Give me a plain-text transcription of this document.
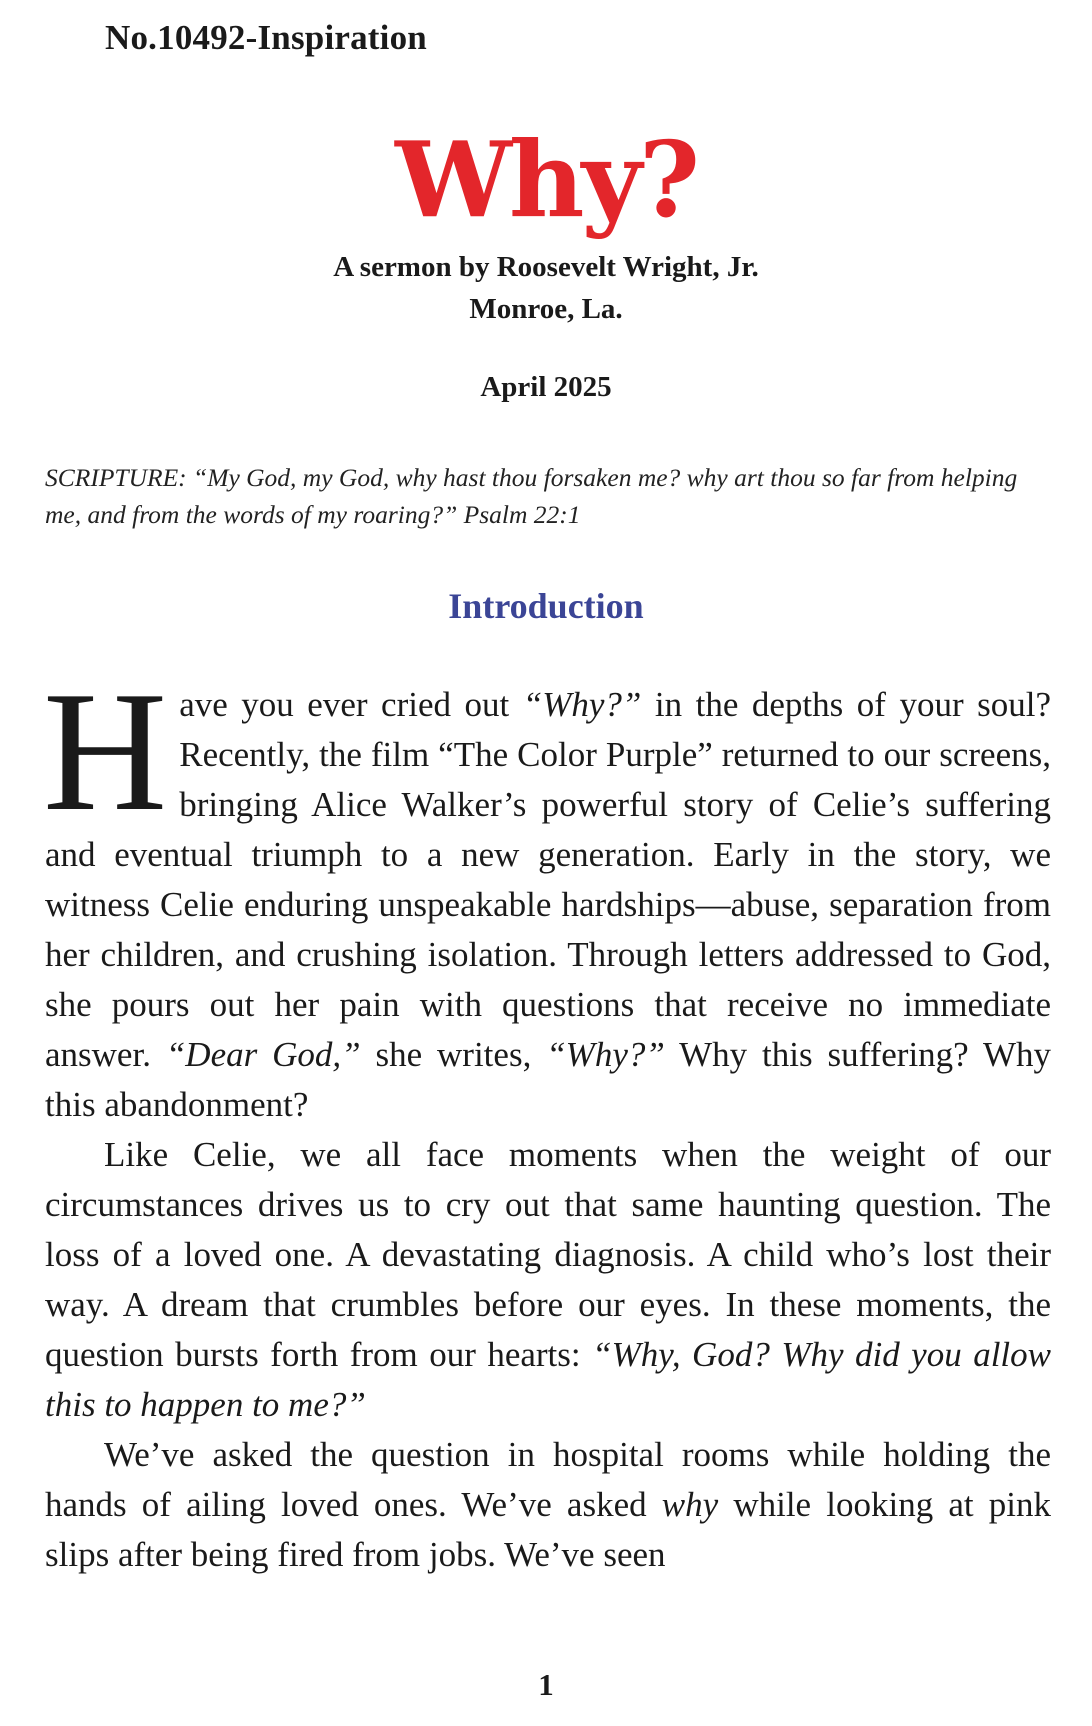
No.10492-Inspiration
Why?
A sermon by Roosevelt Wright, Jr.
Monroe, La.
April 2025
SCRIPTURE: “My God, my God, why hast thou forsaken me? why art thou so far from helping me, and from the words of my roaring?” Psalm 22:1
Introduction

Have you ever cried out “Why?” in the depths of your soul? Recently, the film “The Color Purple” returned to our screens, bringing Alice Walker’s powerful story of Celie’s suffering and eventual triumph to a new generation. Early in the story, we witness Celie enduring unspeakable hardships—abuse, separation from her children, and crushing isolation. Through letters addressed to God, she pours out her pain with questions that receive no immediate answer. “Dear God,” she writes, “Why?” Why this suffering? Why this abandonment?

Like Celie, we all face moments when the weight of our circumstances drives us to cry out that same haunting question. The loss of a loved one. A devastating diagnosis. A child who’s lost their way. A dream that crumbles before our eyes. In these moments, the question bursts forth from our hearts: “Why, God? Why did you allow this to happen to me?”

We’ve asked the question in hospital rooms while holding the hands of ailing loved ones. We’ve asked why while looking at pink slips after being fired from jobs. We’ve seen

1
